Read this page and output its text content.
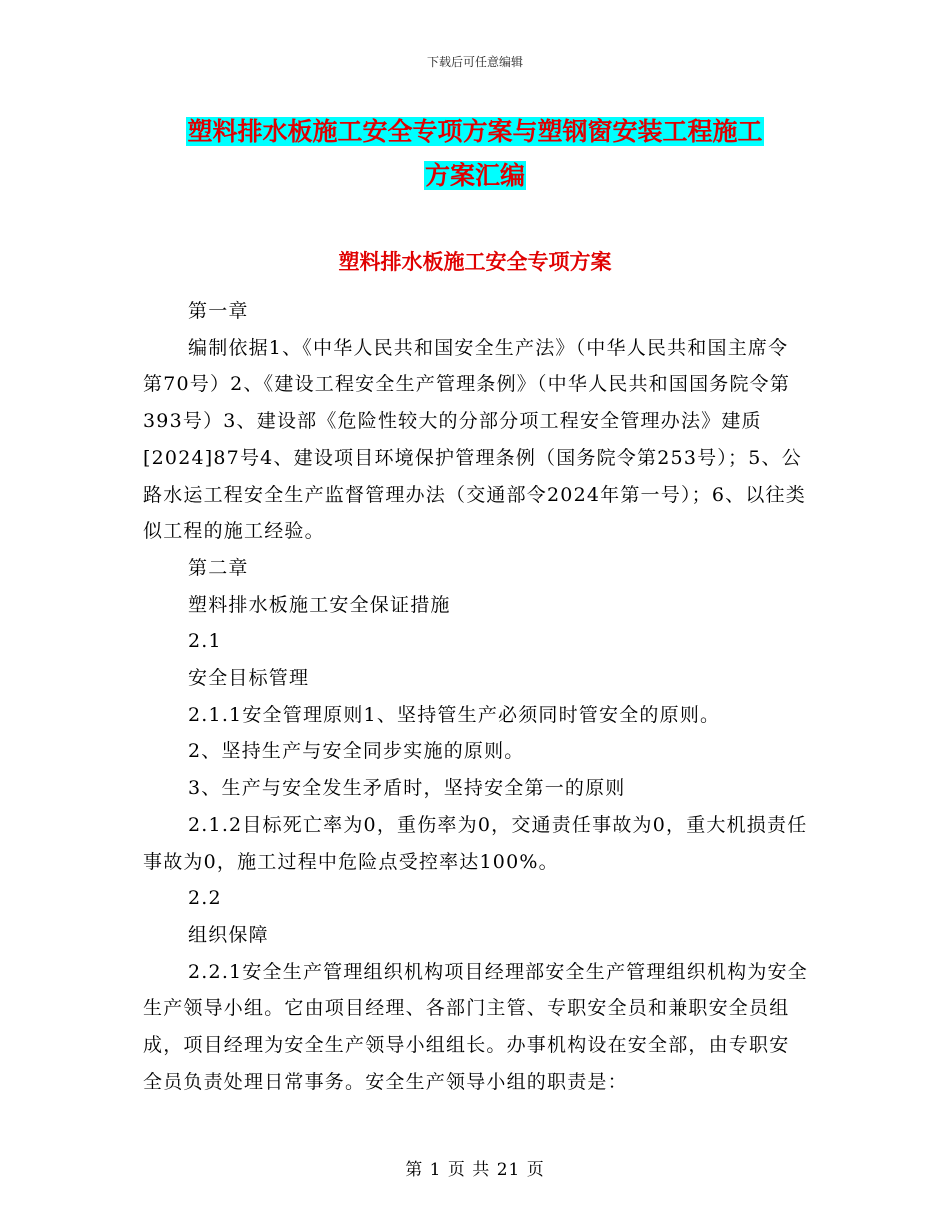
下载后可任意编辑
塑料排水板施工安全专项方案与塑钢窗安装工程施工
方案汇编
塑料排水板施工安全专项方案

第一章

编制依据1、《中华人民共和国安全生产法》（中华人民共和国主席令第70号）2、《建设工程安全生产管理条例》（中华人民共和国国务院令第393号）3、建设部《危险性较大的分部分项工程安全管理办法》建质[2024]87号4、建设项目环境保护管理条例（国务院令第253号）；5、公路水运工程安全生产监督管理办法（交通部令2024年第一号）；6、以往类似工程的施工经验。

第二章

塑料排水板施工安全保证措施

2.1

安全目标管理

2.1.1安全管理原则1、坚持管生产必须同时管安全的原则。

2、坚持生产与安全同步实施的原则。

3、生产与安全发生矛盾时，坚持安全第一的原则

2.1.2目标死亡率为0，重伤率为0，交通责任事故为0，重大机损责任事故为0，施工过程中危险点受控率达100%。

2.2

组织保障

2.2.1安全生产管理组织机构项目经理部安全生产管理组织机构为安全生产领导小组。它由项目经理、各部门主管、专职安全员和兼职安全员组成，项目经理为安全生产领导小组组长。办事机构设在安全部，由专职安全员负责处理日常事务。安全生产领导小组的职责是：

第 1 页 共 21 页
